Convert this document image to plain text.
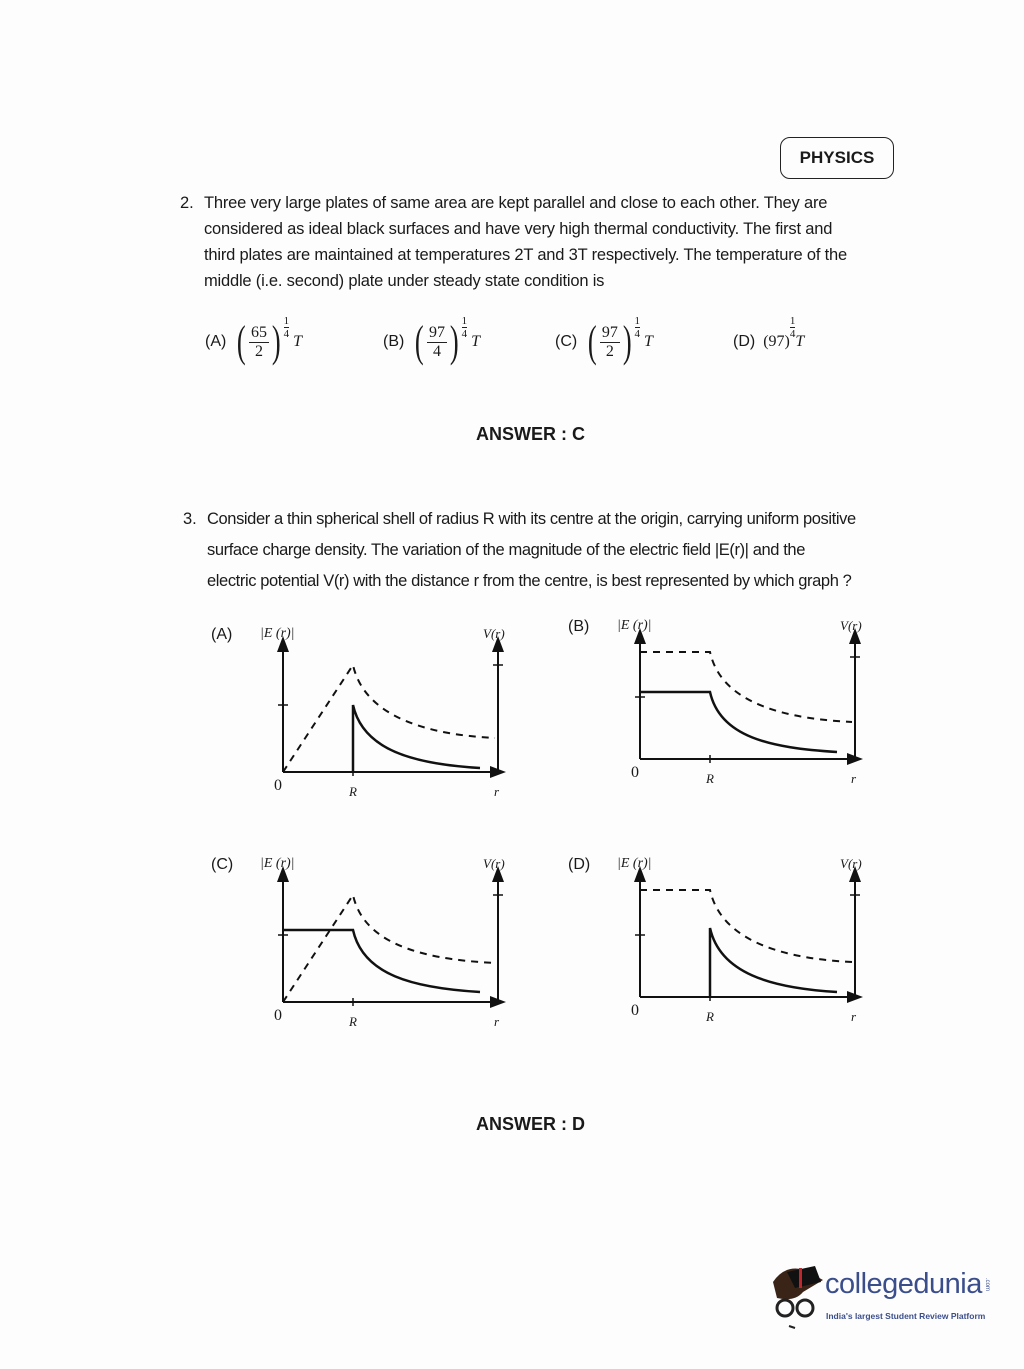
PHYSICS
2. Three very large plates of same area are kept parallel and close to each other. They are
considered as ideal black surfaces and have very high thermal conductivity. The first and
third plates are maintained at temperatures 2T and 3T respectively. The temperature of the
middle (i.e. second) plate under steady state condition is
(A) ( $\frac{65}{2}$ ) $\frac{1}{4}$

T	(B) ( $\frac{97}{4}$ ) $\frac{1}{4}$

T	(C) ( $\frac{97}{2}$ ) $\frac{1}{4}$

T	(D) (97)
$\frac{1}{4}$
T
ANSWER : C
3. Consider a thin spherical shell of radius R with its centre at the origin, carrying uniform positive
surface charge density. The variation of the magnitude of the electric field |E(r)| and the
electric potential V(r) with the distance r from the centre, is best represented by which graph ?
(A) |E (r)|	V(r)
0	R	r
(B) |E (r)|	V(r)
0	R	r
(C) |E (r)|	V(r)
0	R	r
(D) |E (r)|	V(r)
0	R	r
ANSWER : D
collegedunia .com
India's largest Student Review Platform
